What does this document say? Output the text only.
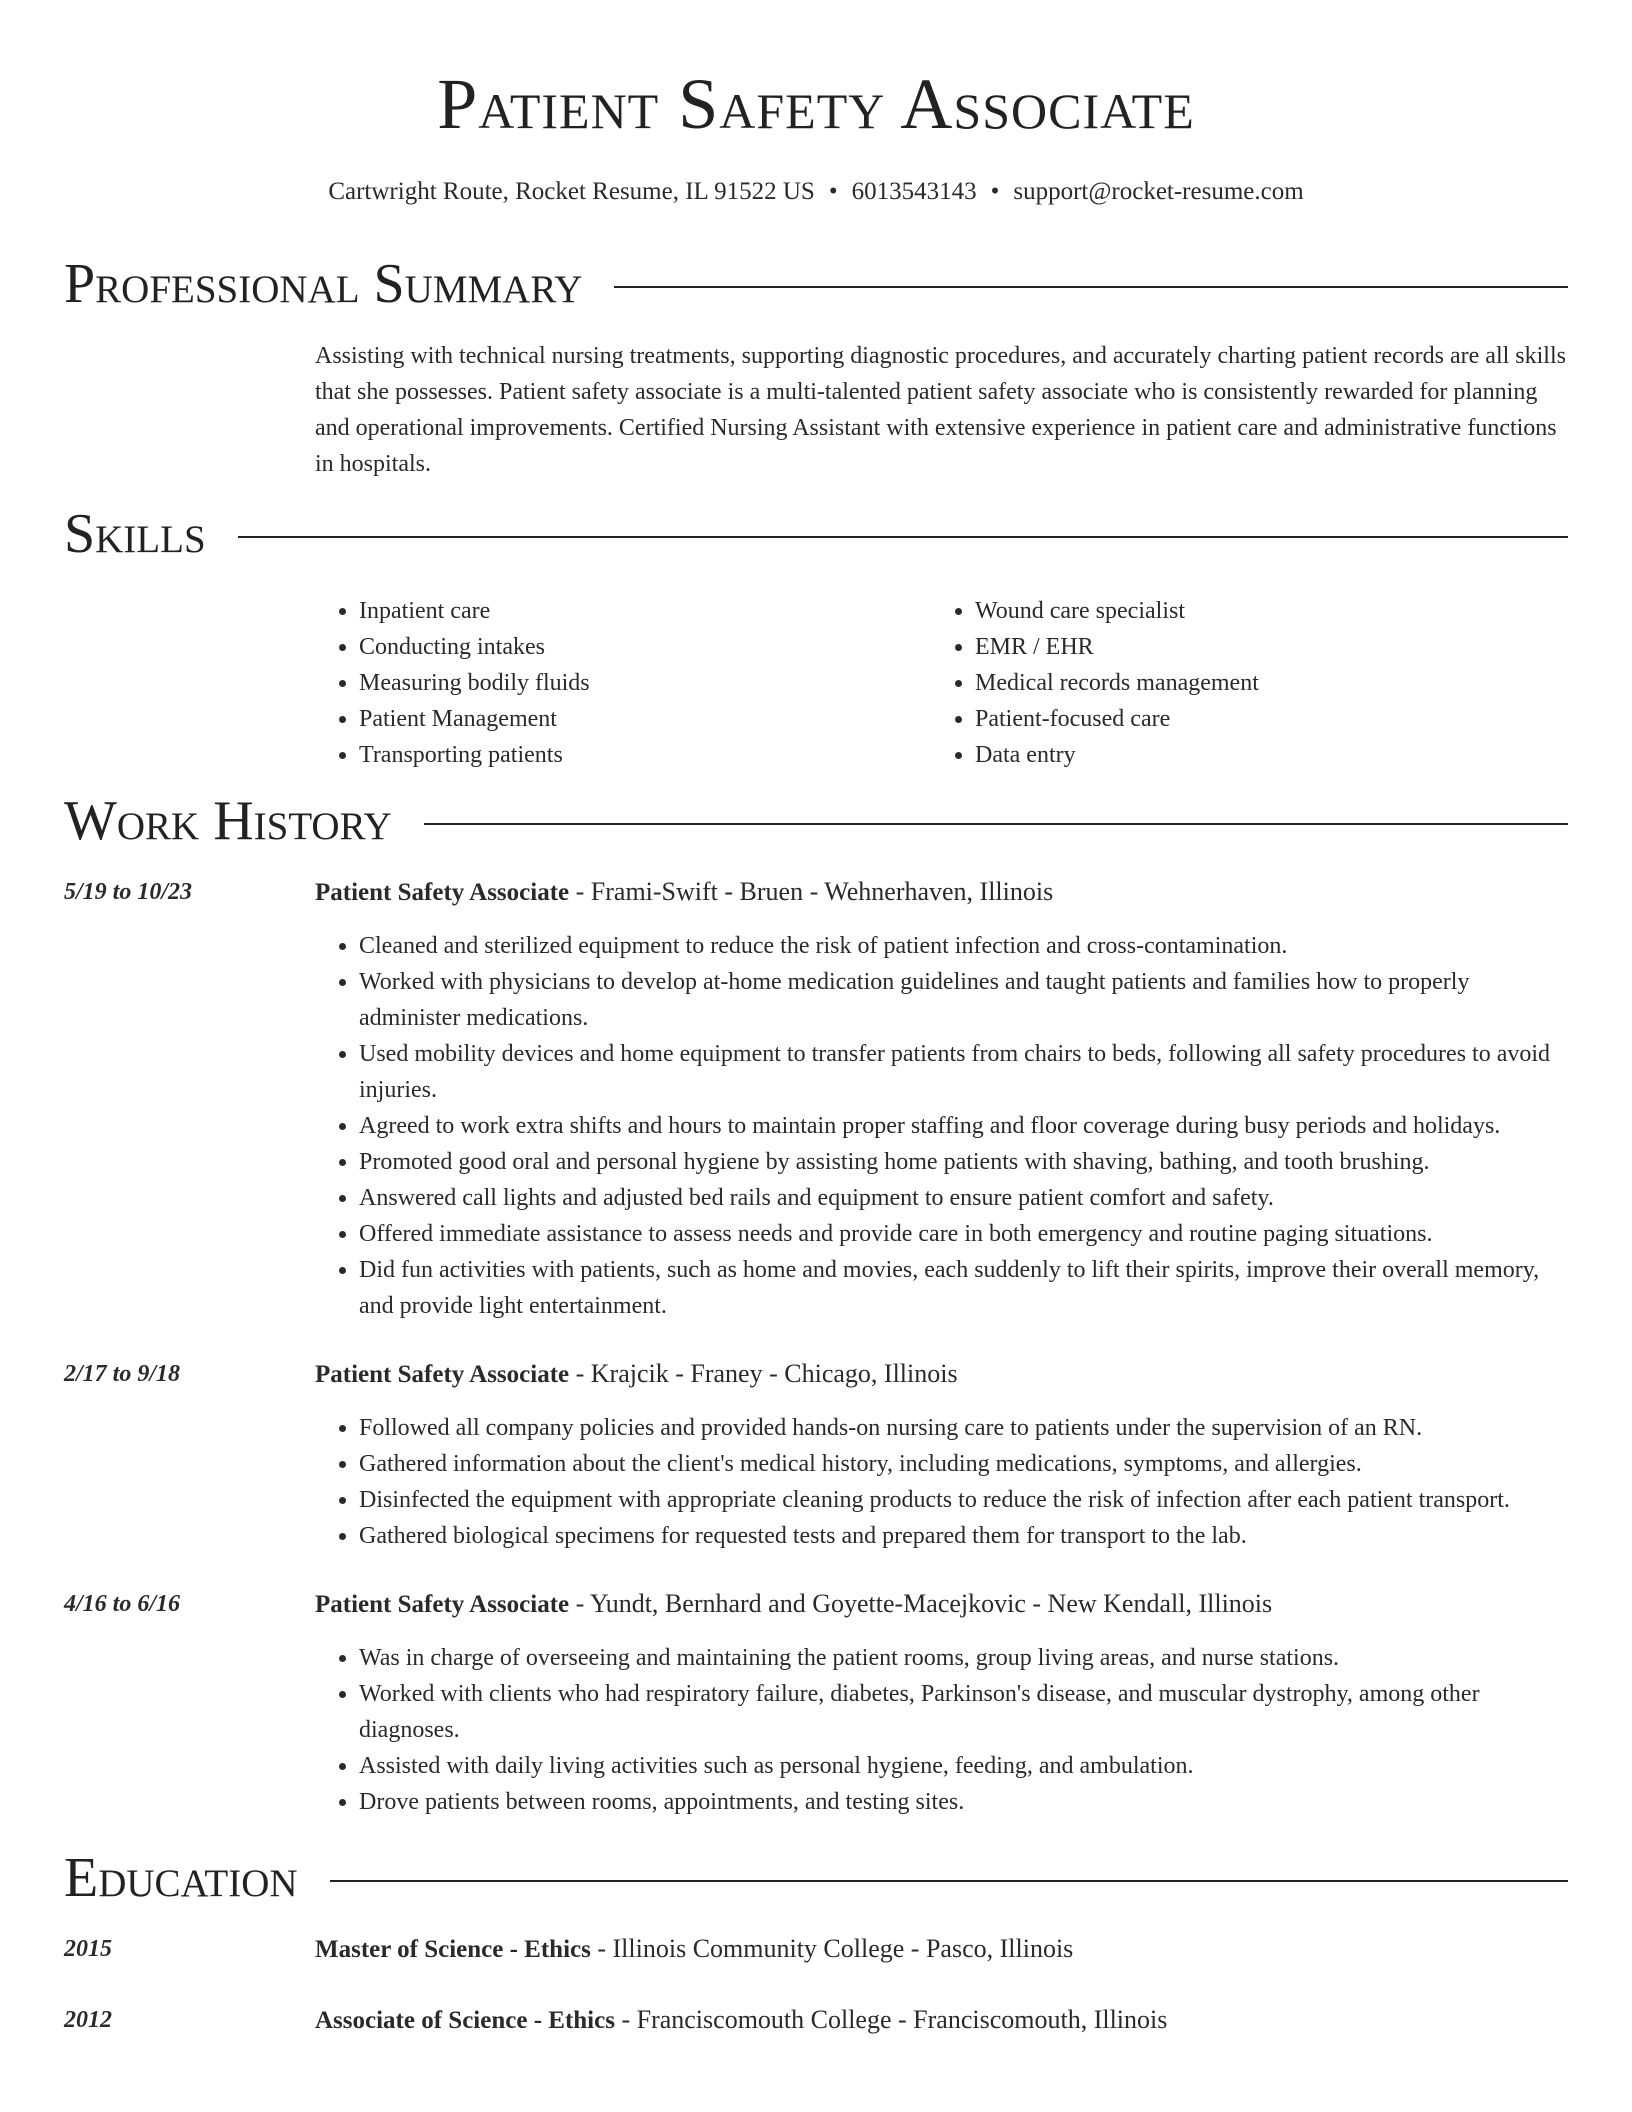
Patient Safety Associate
Cartwright Route, Rocket Resume, IL 91522 US • 6013543143 • support@rocket-resume.com
Professional Summary

Assisting with technical nursing treatments, supporting diagnostic procedures, and accurately charting patient records are all skills that she possesses. Patient safety associate is a multi-talented patient safety associate who is consistently rewarded for planning and operational improvements. Certified Nursing Assistant with extensive experience in patient care and administrative functions in hospitals.

Skills
• Inpatient care
• Conducting intakes
• Measuring bodily fluids
• Patient Management
• Transporting patients
• Wound care specialist
• EMR / EHR
• Medical records management
• Patient-focused care
• Data entry
Work History
5/19 to 10/23	Patient Safety Associate - Frami-Swift - Bruen - Wehnerhaven, Illinois
• Cleaned and sterilized equipment to reduce the risk of patient infection and cross-contamination.
• Worked with physicians to develop at-home medication guidelines and taught patients and families how to properly administer medications.
• Used mobility devices and home equipment to transfer patients from chairs to beds, following all safety procedures to avoid injuries.
• Agreed to work extra shifts and hours to maintain proper staffing and floor coverage during busy periods and holidays.
• Promoted good oral and personal hygiene by assisting home patients with shaving, bathing, and tooth brushing.
• Answered call lights and adjusted bed rails and equipment to ensure patient comfort and safety.
• Offered immediate assistance to assess needs and provide care in both emergency and routine paging situations.
• Did fun activities with patients, such as home and movies, each suddenly to lift their spirits, improve their overall memory, and provide light entertainment.
2/17 to 9/18	Patient Safety Associate - Krajcik - Franey - Chicago, Illinois
• Followed all company policies and provided hands-on nursing care to patients under the supervision of an RN.
• Gathered information about the client's medical history, including medications, symptoms, and allergies.
• Disinfected the equipment with appropriate cleaning products to reduce the risk of infection after each patient transport.
• Gathered biological specimens for requested tests and prepared them for transport to the lab.
4/16 to 6/16	Patient Safety Associate - Yundt, Bernhard and Goyette-Macejkovic - New Kendall, Illinois
• Was in charge of overseeing and maintaining the patient rooms, group living areas, and nurse stations.
• Worked with clients who had respiratory failure, diabetes, Parkinson's disease, and muscular dystrophy, among other diagnoses.
• Assisted with daily living activities such as personal hygiene, feeding, and ambulation.
• Drove patients between rooms, appointments, and testing sites.
Education
2015	Master of Science - Ethics - Illinois Community College - Pasco, Illinois
2012	Associate of Science - Ethics - Franciscomouth College - Franciscomouth, Illinois
